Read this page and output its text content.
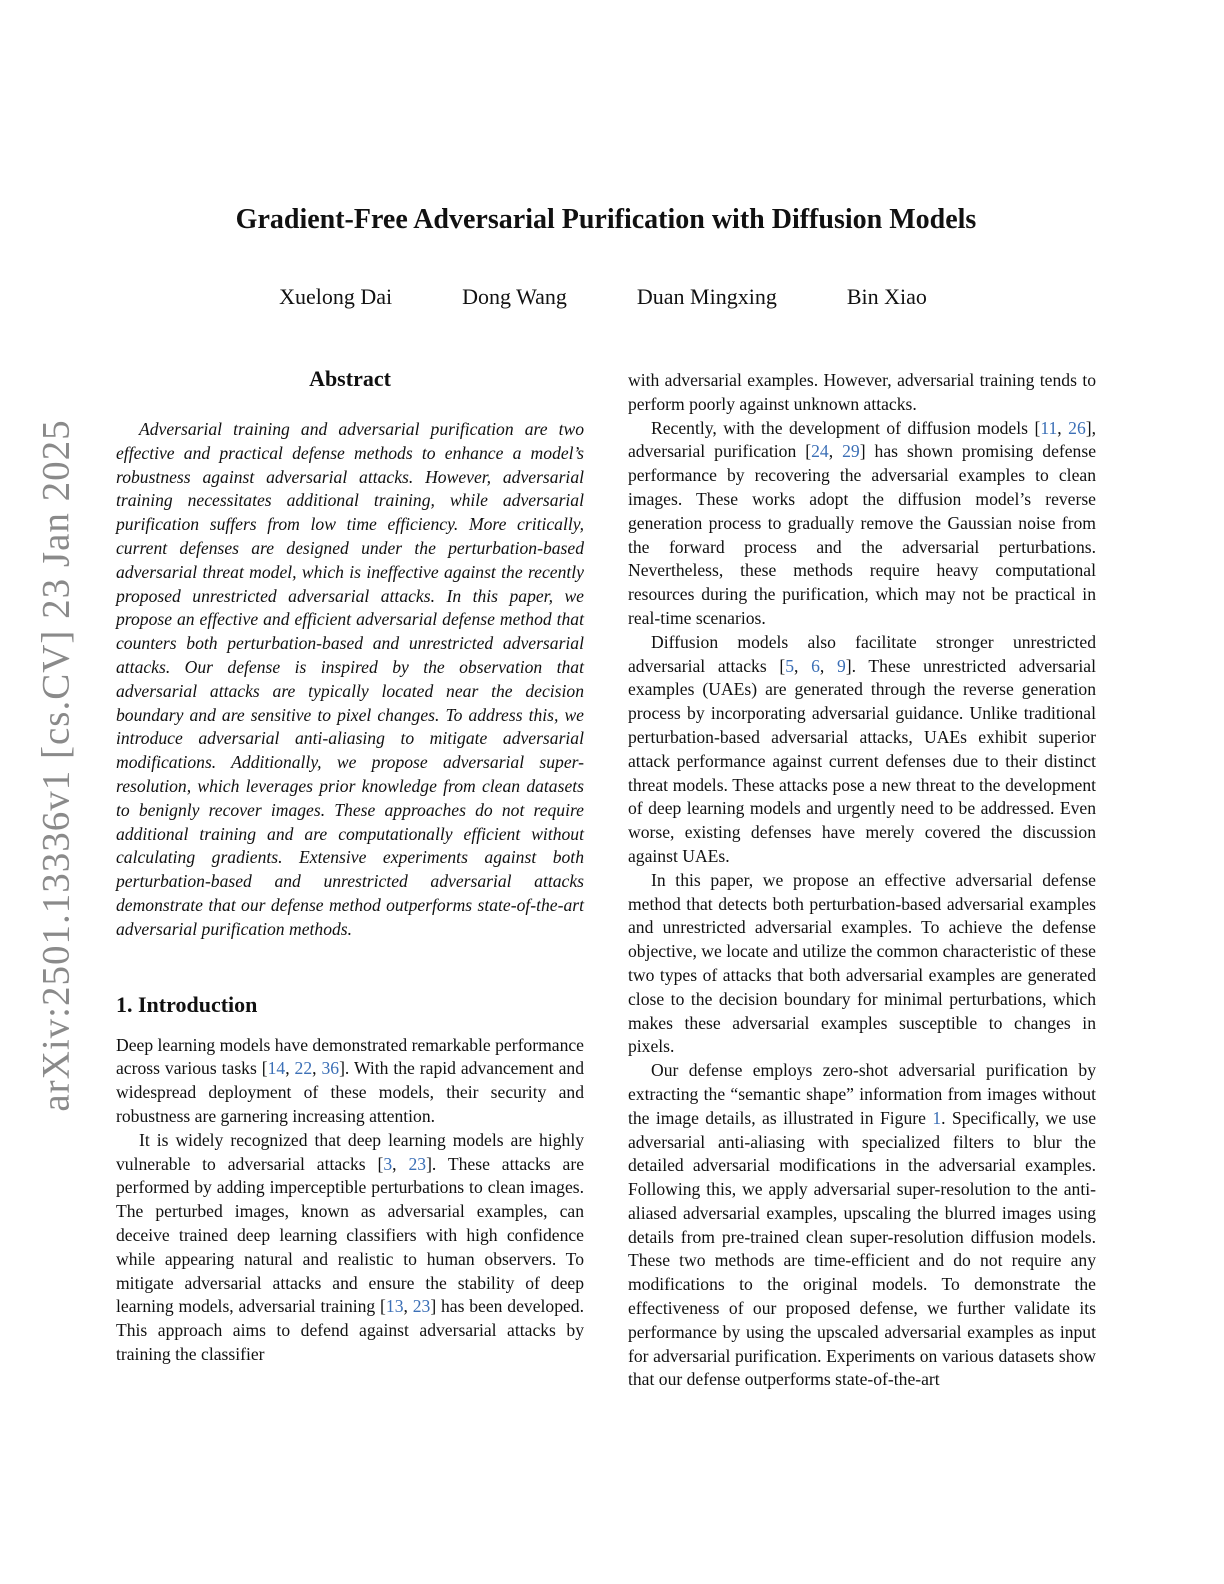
arXiv:2501.13336v1 [cs.CV] 23 Jan 2025
Gradient-Free Adversarial Purification with Diffusion Models
Xuelong Dai	Dong Wang	Duan Mingxing	Bin Xiao
Abstract

Adversarial training and adversarial purification are two effective and practical defense methods to enhance a model’s robustness against adversarial attacks. However, adversarial training necessitates additional training, while adversarial purification suffers from low time efficiency. More critically, current defenses are designed under the perturbation-based adversarial threat model, which is ineffective against the recently proposed unrestricted adversarial attacks. In this paper, we propose an effective and efficient adversarial defense method that counters both perturbation-based and unrestricted adversarial attacks. Our defense is inspired by the observation that adversarial attacks are typically located near the decision boundary and are sensitive to pixel changes. To address this, we introduce adversarial anti-aliasing to mitigate adversarial modifications. Additionally, we propose adversarial super-resolution, which leverages prior knowledge from clean datasets to benignly recover images. These approaches do not require additional training and are computationally efficient without calculating gradients. Extensive experiments against both perturbation-based and unrestricted adversarial attacks demonstrate that our defense method outperforms state-of-the-art adversarial purification methods.

1. Introduction

Deep learning models have demonstrated remarkable performance across various tasks [14, 22, 36]. With the rapid advancement and widespread deployment of these models, their security and robustness are garnering increasing attention.

It is widely recognized that deep learning models are highly vulnerable to adversarial attacks [3, 23]. These attacks are performed by adding imperceptible perturbations to clean images. The perturbed images, known as adversarial examples, can deceive trained deep learning classifiers with high confidence while appearing natural and realistic to human observers. To mitigate adversarial attacks and ensure the stability of deep learning models, adversarial training [13, 23] has been developed. This approach aims to defend against adversarial attacks by training the classifier

with adversarial examples. However, adversarial training tends to perform poorly against unknown attacks.

Recently, with the development of diffusion models [11, 26], adversarial purification [24, 29] has shown promising defense performance by recovering the adversarial examples to clean images. These works adopt the diffusion model’s reverse generation process to gradually remove the Gaussian noise from the forward process and the adversarial perturbations. Nevertheless, these methods require heavy computational resources during the purification, which may not be practical in real-time scenarios.

Diffusion models also facilitate stronger unrestricted adversarial attacks [5, 6, 9]. These unrestricted adversarial examples (UAEs) are generated through the reverse generation process by incorporating adversarial guidance. Unlike traditional perturbation-based adversarial attacks, UAEs exhibit superior attack performance against current defenses due to their distinct threat models. These attacks pose a new threat to the development of deep learning models and urgently need to be addressed. Even worse, existing defenses have merely covered the discussion against UAEs.

In this paper, we propose an effective adversarial defense method that detects both perturbation-based adversarial examples and unrestricted adversarial examples. To achieve the defense objective, we locate and utilize the common characteristic of these two types of attacks that both adversarial examples are generated close to the decision boundary for minimal perturbations, which makes these adversarial examples susceptible to changes in pixels.

Our defense employs zero-shot adversarial purification by extracting the “semantic shape” information from images without the image details, as illustrated in Figure 1. Specifically, we use adversarial anti-aliasing with specialized filters to blur the detailed adversarial modifications in the adversarial examples. Following this, we apply adversarial super-resolution to the anti-aliased adversarial examples, upscaling the blurred images using details from pre-trained clean super-resolution diffusion models. These two methods are time-efficient and do not require any modifications to the original models. To demonstrate the effectiveness of our proposed defense, we further validate its performance by using the upscaled adversarial examples as input for adversarial purification. Experiments on various datasets show that our defense outperforms state-of-the-art
